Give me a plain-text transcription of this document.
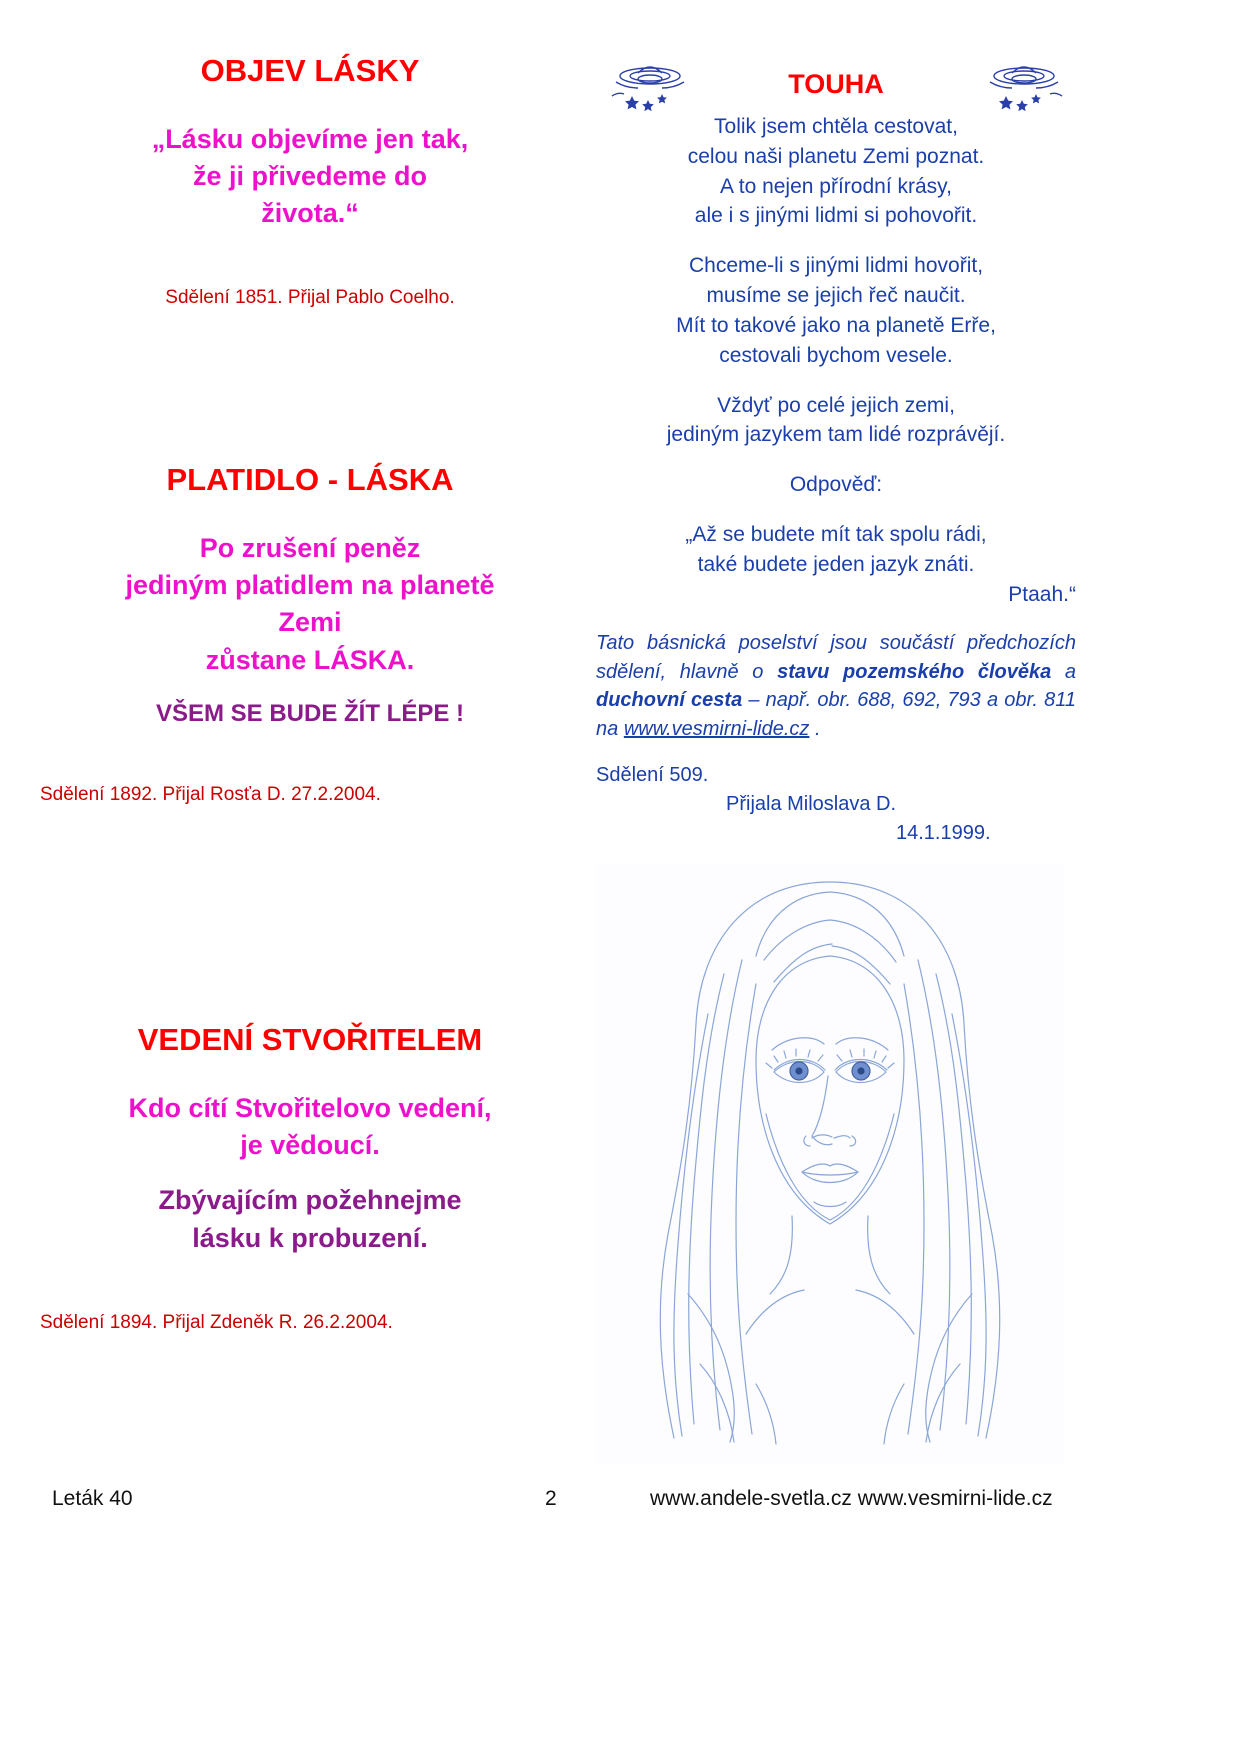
OBJEV LÁSKY
„Lásku objevíme jen tak,
že ji přivedeme do
života.“
Sdělení 1851. Přijal Pablo Coelho.
PLATIDLO - LÁSKA
Po zrušení peněz
jediným platidlem na planetě
Zemi
zůstane LÁSKA.
VŠEM SE BUDE ŽÍT LÉPE !
Sdělení 1892. Přijal Rosťa D. 27.2.2004.
VEDENÍ STVOŘITELEM
Kdo cítí Stvořitelovo vedení,
je vědoucí.
Zbývajícím požehnejme
lásku k probuzení.
Sdělení 1894. Přijal Zdeněk R. 26.2.2004.
TOUHA
Tolik jsem chtěla cestovat,
celou naši planetu Zemi poznat.
A to nejen přírodní krásy,
ale i s jinými lidmi si pohovořit.
Chceme-li s jinými lidmi hovořit,
musíme se jejich řeč naučit.
Mít to takové jako na planetě Erře,
cestovali bychom vesele.
Vždyť po celé jejich zemi,
jediným jazykem tam lidé rozprávějí.
Odpověď:
„Až se budete mít tak spolu rádi,
také budete jeden jazyk znáti.
Ptaah.“
Tato básnická poselství jsou součástí předchozích sdělení, hlavně o stavu pozemského člověka a duchovní cesta – např. obr. 688, 692, 793 a obr. 811 na www.vesmirni-lide.cz .
Sdělení 509.
Přijala Miloslava D.
14.1.1999.
Leták 40	2	www.andele-svetla.cz www.vesmirni-lide.cz
